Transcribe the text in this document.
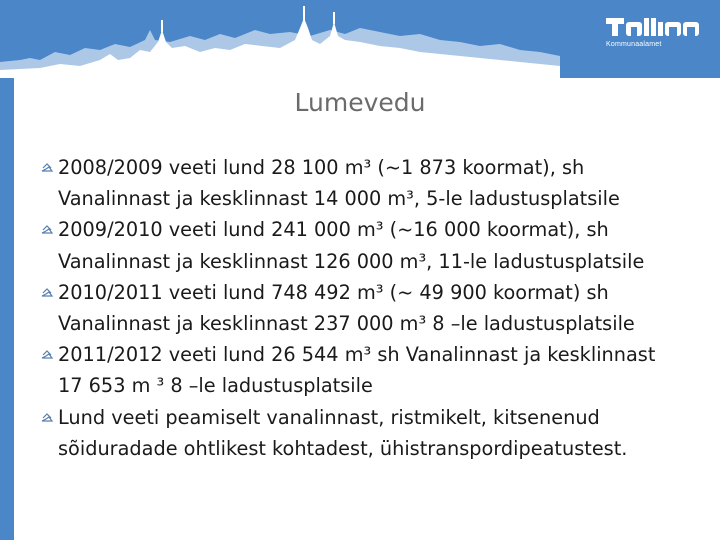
Kommunaalamet
Lumevedu
2008/2009 veeti lund 28 100 m³ (~1 873 koormat), sh
Vanalinnast ja kesklinnast 14 000 m³, 5-le ladustusplatsile
2009/2010 veeti lund 241 000 m³ (~16 000 koormat), sh
Vanalinnast ja kesklinnast 126 000 m³, 11-le ladustusplatsile
2010/2011 veeti lund 748 492 m³ (~ 49 900 koormat) sh
Vanalinnast ja kesklinnast 237 000 m³ 8 –le ladustusplatsile
2011/2012 veeti lund 26 544 m³ sh Vanalinnast ja kesklinnast
17 653 m ³ 8 –le ladustusplatsile
Lund veeti peamiselt vanalinnast, ristmikelt, kitsenenud
sõiduradade ohtlikest kohtadest, ühistranspordipeatustest.
